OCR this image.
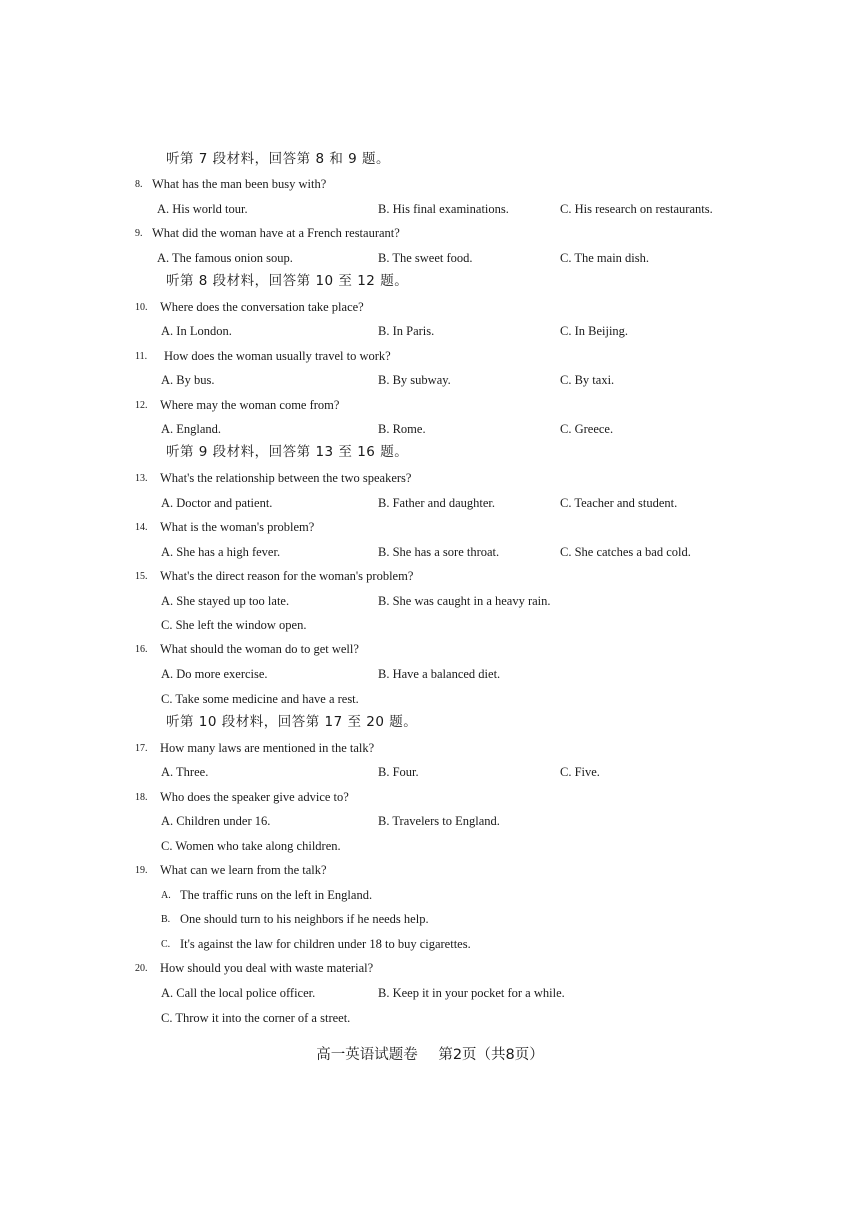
听第 7 段材料，回答第 8 和 9 题。
8. What has the man been busy with?
A. His world tour.	B. His final examinations.	C. His research on restaurants.
9. What did the woman have at a French restaurant?
A. The famous onion soup.	B. The sweet food.	C. The main dish.
听第 8 段材料，回答第 10 至 12 题。
10. Where does the conversation take place?
A. In London.	B. In Paris.	C. In Beijing.
11. How does the woman usually travel to work?
A. By bus.	B. By subway.	C. By taxi.
12. Where may the woman come from?
A. England.	B. Rome.	C. Greece.
听第 9 段材料，回答第 13 至 16 题。
13. What's the relationship between the two speakers?
A. Doctor and patient.	B. Father and daughter.	C. Teacher and student.
14. What is the woman's problem?
A. She has a high fever.	B. She has a sore throat.	C. She catches a bad cold.
15. What's the direct reason for the woman's problem?
A. She stayed up too late.	B. She was caught in a heavy rain.
C. She left the window open.
16. What should the woman do to get well?
A. Do more exercise.	B. Have a balanced diet.
C. Take some medicine and have a rest.
听第 10 段材料，回答第 17 至 20 题。
17. How many laws are mentioned in the talk?
A. Three.	B. Four.	C. Five.
18. Who does the speaker give advice to?
A. Children under 16.	B. Travelers to England.
C. Women who take along children.
19. What can we learn from the talk?
A. The traffic runs on the left in England.
B. One should turn to his neighbors if he needs help.
C. It's against the law for children under 18 to buy cigarettes.
20. How should you deal with waste material?
A. Call the local police officer.	B. Keep it in your pocket for a while.
C. Throw it into the corner of a street.
高一英语试题卷 第2页（共8页）
